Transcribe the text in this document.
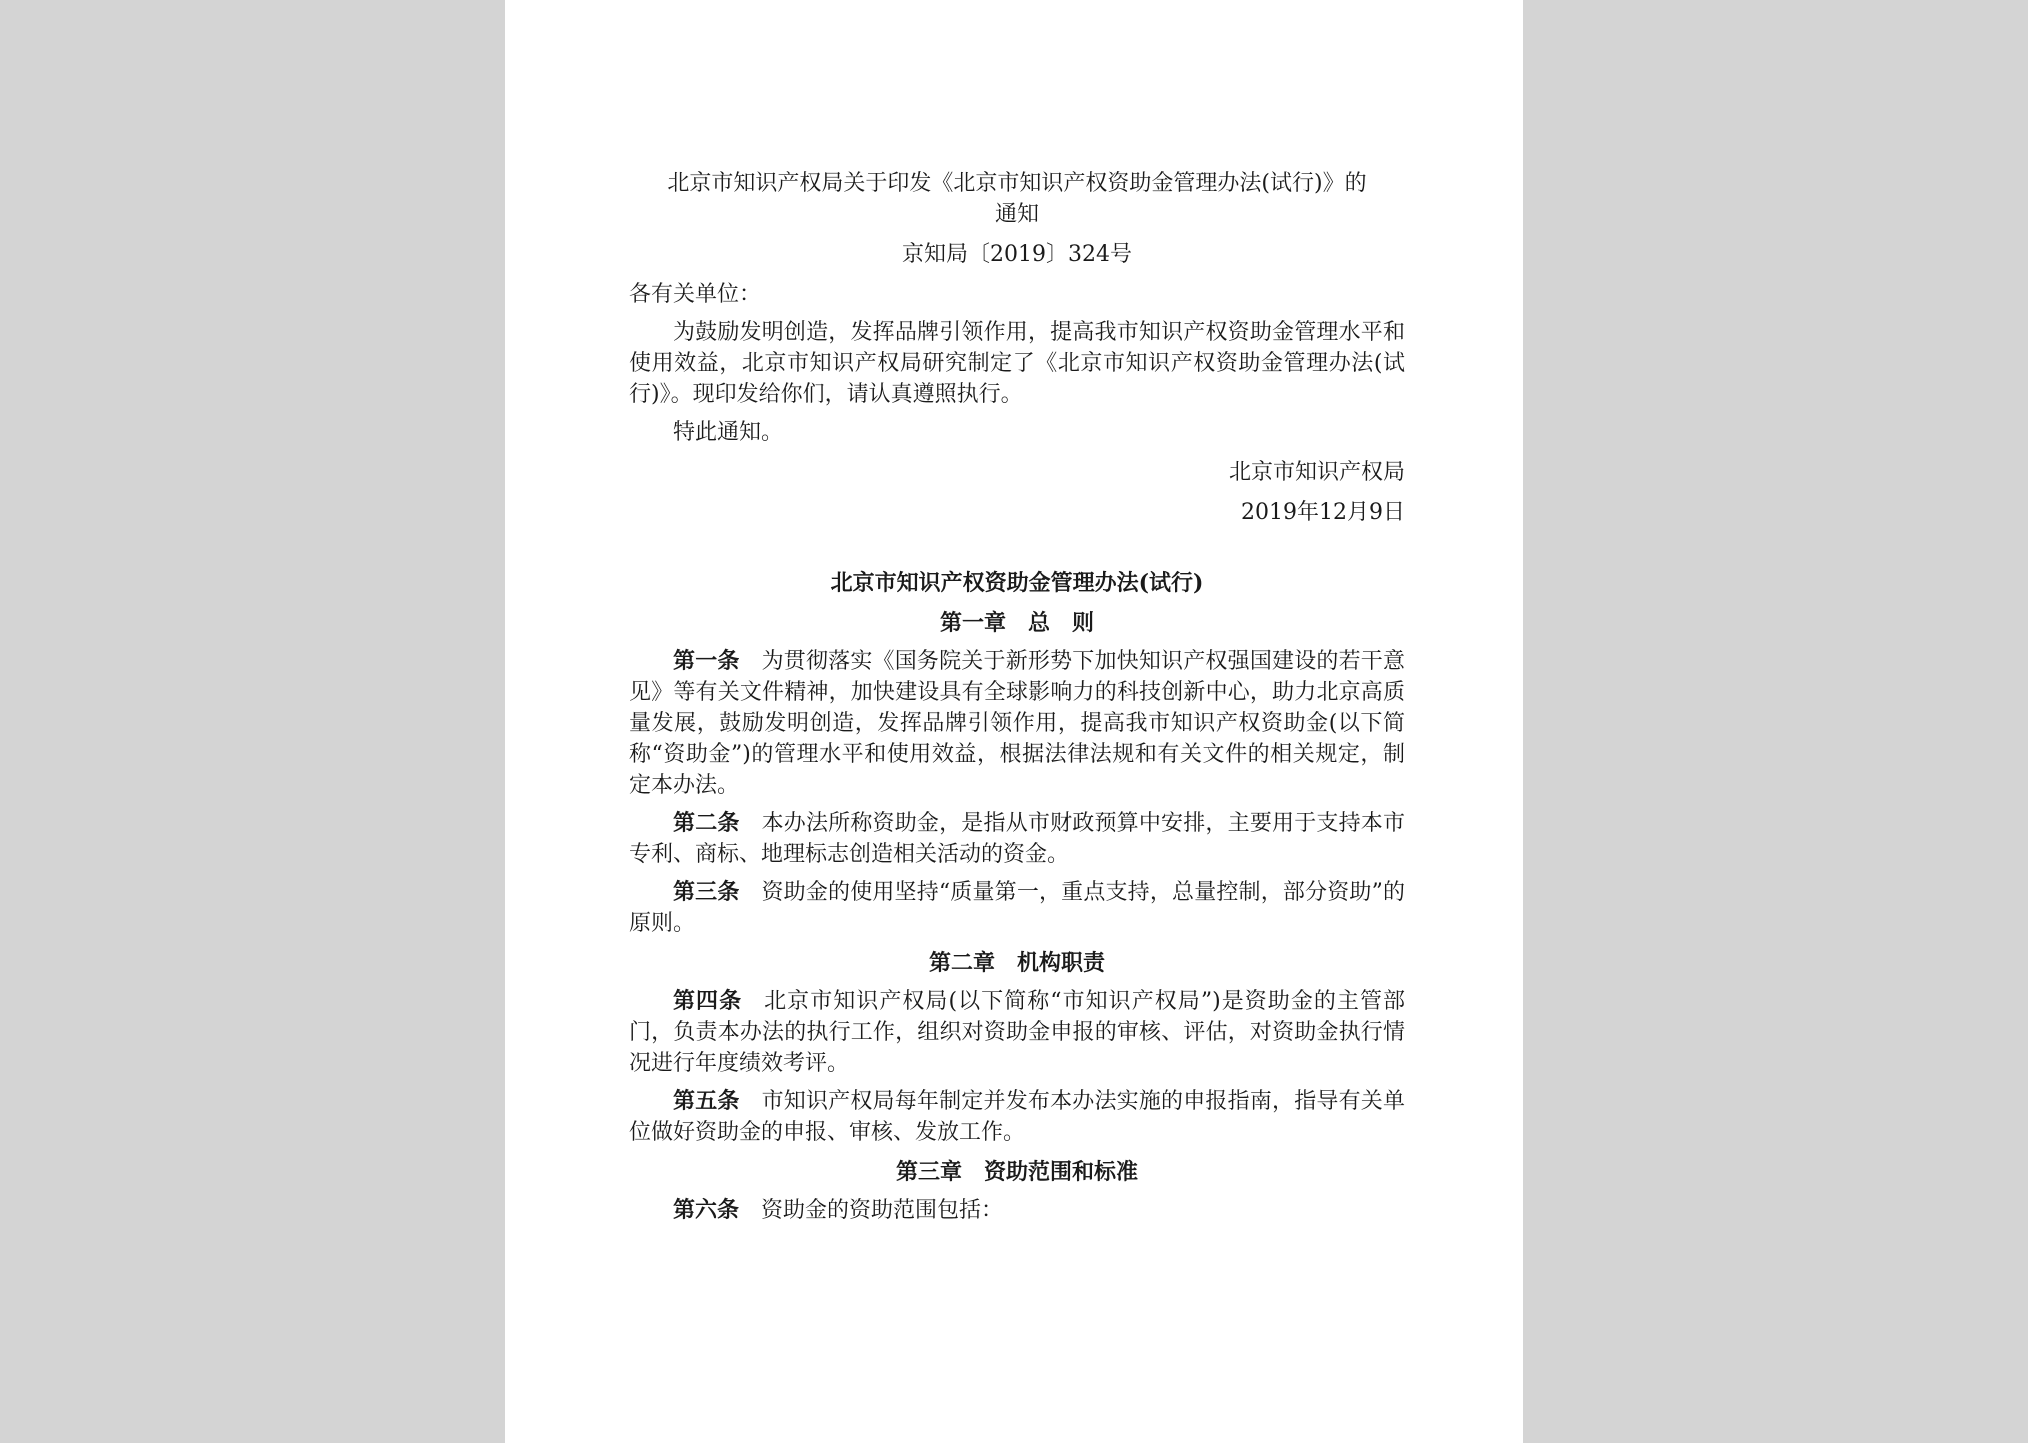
北京市知识产权局关于印发《北京市知识产权资助金管理办法(试行)》的
通知
京知局〔2019〕324号
各有关单位：

为鼓励发明创造，发挥品牌引领作用，提高我市知识产权资助金管理水平和使用效益，北京市知识产权局研究制定了《北京市知识产权资助金管理办法(试行)》。现印发给你们，请认真遵照执行。

特此通知。

北京市知识产权局
2019年12月9日
北京市知识产权资助金管理办法(试行)
第一章　总　则

第一条 为贯彻落实《国务院关于新形势下加快知识产权强国建设的若干意见》等有关文件精神，加快建设具有全球影响力的科技创新中心，助力北京高质量发展，鼓励发明创造，发挥品牌引领作用，提高我市知识产权资助金(以下简称“资助金”)的管理水平和使用效益，根据法律法规和有关文件的相关规定，制定本办法。

第二条 本办法所称资助金，是指从市财政预算中安排，主要用于支持本市专利、商标、地理标志创造相关活动的资金。

第三条 资助金的使用坚持“质量第一，重点支持，总量控制，部分资助”的原则。

第二章　机构职责

第四条 北京市知识产权局(以下简称“市知识产权局”)是资助金的主管部门，负责本办法的执行工作，组织对资助金申报的审核、评估，对资助金执行情况进行年度绩效考评。

第五条 市知识产权局每年制定并发布本办法实施的申报指南，指导有关单位做好资助金的申报、审核、发放工作。

第三章　资助范围和标准

第六条 资助金的资助范围包括：
